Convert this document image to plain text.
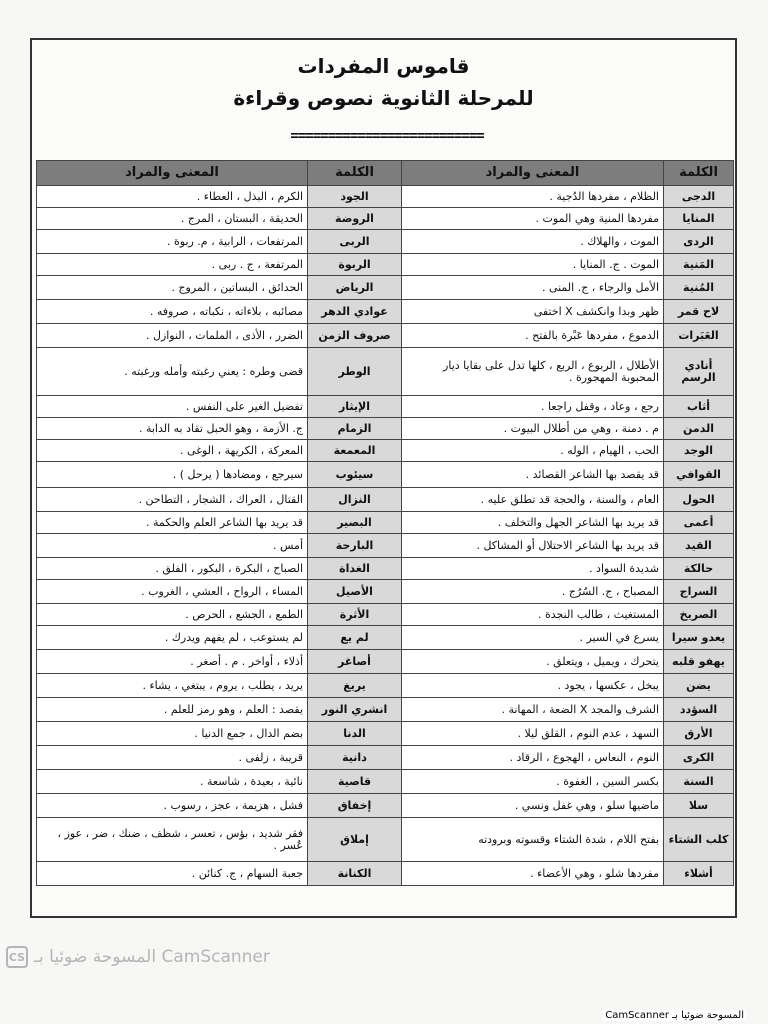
قاموس المفردات
للمرحلة الثانوية نصوص وقراءة
==========================
الكلمة	المعنى والمراد	الكلمة	المعنى والمراد
الدجى	الظلام ، مفردها الدُجية .	الجود	الكرم ، البذل ، العطاء .
المنايا	مفردها المنية وهي الموت .	الروضة	الحديقة ، البستان ، المرج .
الردى	الموت ، والهلاك .	الربى	المرتفعات ، الرابية ، م. ربوة .
المَنية	الموت . ج. المنايا .	الربوة	المرتفعة ، ج . ربى .
المُنية	الأمل والرجاء ، ج. المنى .	الرياض	الحدائق ، البساتين ، المروج .
لاح قمر	ظهر وبدا وانكشف X اختفى	عوادي الدهر	مصائبه ، بلاءاته ، نكباته ، صروفه .
العَبَرات	الدموع ، مفردها عَبْرة بالفتح .	صروف الزمن	الضرر ، الأذى ، الملمات ، النوازل .
أنادي الرسم	الأطلال ، الربوع ، الربع ، كلها تدل على بقايا ديار المحبوبة المهجورة .	الوطر	قضى وطره : يعني رغبته وأمله ورغبته .
أثاب	رجع ، وعاد ، وقفل راجعا .	الإيثار	تفضيل الغير على النفس .
الدمن	م . دمنة ، وهي من أطلال البيوت .	الزمام	ج. الأزمة ، وهو الحبل تقاد به الدابة .
الوجد	الحب ، الهيام ، الوله .	المعمعة	المعركة ، الكريهة ، الوغى .
القوافي	قد يقصد بها الشاعر القصائد .	سيئوب	سيرجع ، ومضادها ( يرحل ) .
الحول	العام ، والسنة ، والحجة قد تطلق عليه .	النزال	القتال ، العراك ، الشجار ، التطاحن .
أعمى	قد يريد بها الشاعر الجهل والتخلف .	البصير	قد يريد بها الشاعر العلم والحكمة .
القيد	قد يريد بها الشاعر الاحتلال أو المشاكل .	البارحة	أمس .
حالكة	شديدة السواد .	الغداة	الصباح ، البكرة ، البكور ، الفلق .
السراج	المصباح ، ج. السُرُج .	الأصيل	المساء ، الرواح ، العشي ، الغروب .
الصريخ	المستغيث ، طالب النجدة .	الأثرة	الطمع ، الجشع ، الحرص .
يعدو سيرا	يسرع في السير .	لم يع	لم يستوعب ، لم يفهم ويدرك .
يهفو قلبه	يتحرك ، ويميل ، ويتعلق .	أصاغر	أذلاء ، أواخر . م . أصغر .
يضن	يبخل ، عكسها ، يجود .	يريغ	يريد ، يطلب ، يروم ، يبتغي ، يشاء .
السؤدد	الشرف والمجد X الضعة ، المهانة .	انشري النور	يقصد : العلم ، وهو رمز للعلم .
الأرق	السهد ، عدم النوم ، القلق ليلا .	الدنا	بضم الدال ، جمع الدنيا .
الكرى	النوم ، النعاس ، الهجوع ، الرقاد .	دانية	قريبة ، زلفى .
السنة	بكسر السين ، الغفوة .	قاصية	نائية ، بعيدة ، شاسعة .
سلا	ماضيها سلو ، وهي غفل ونسي .	إخفاق	فشل ، هزيمة ، عجز ، رسوب .
كلب الشتاء	بفتح اللام ، شدة الشتاء وقسوته وبرودته	إملاق	فقر شديد ، بؤس ، تعسر ، شظف ، ضنك ، ضر ، عوز ، عُسر .
أشلاء	مفردها شلو ، وهي الأعضاء .	الكنانة	جعبة السهام ، ج. كنائن .
CS CamScanner المسوحة ضوئيا بـ
المسوحة ضوئيا بـ CamScanner
